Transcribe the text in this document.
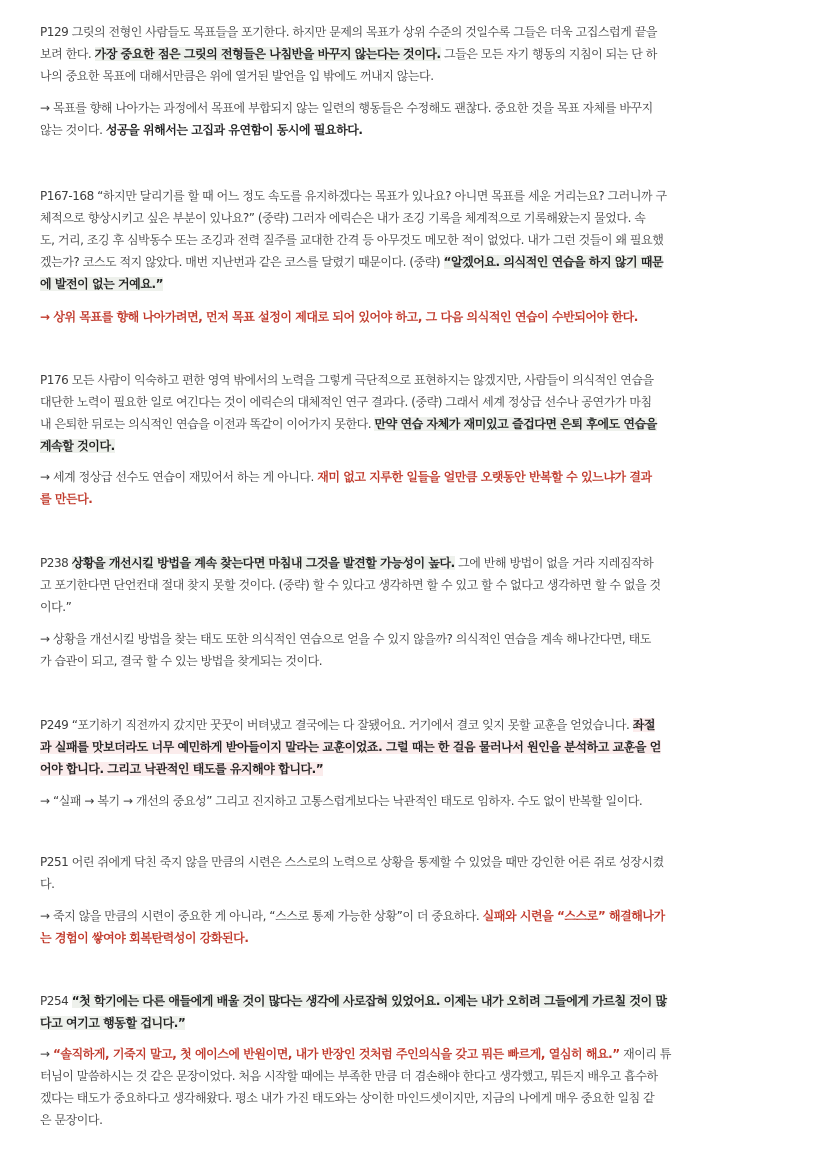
P129 그릿의 전형인 사람들도 목표들을 포기한다. 하지만 문제의 목표가 상위 수준의 것일수록 그들은 더욱 고집스럽게 끝을
보려 한다. 가장 중요한 점은 그릿의 전형들은 나침반을 바꾸지 않는다는 것이다. 그들은 모든 자기 행동의 지침이 되는 단 하
나의 중요한 목표에 대해서만큼은 위에 열거된 발언을 입 밖에도 꺼내지 않는다.
→ 목표를 향해 나아가는 과정에서 목표에 부합되지 않는 일련의 행동들은 수정해도 괜찮다. 중요한 것을 목표 자체를 바꾸지
않는 것이다. 성공을 위해서는 고집과 유연함이 동시에 필요하다.
P167-168 “하지만 달리기를 할 때 어느 정도 속도를 유지하겠다는 목표가 있나요? 아니면 목표를 세운 거리는요? 그러니까 구
체적으로 향상시키고 싶은 부분이 있나요?” (중략) 그러자 에릭슨은 내가 조깅 기록을 체계적으로 기록해왔는지 물었다. 속
도, 거리, 조깅 후 심박동수 또는 조깅과 전력 질주를 교대한 간격 등 아무것도 메모한 적이 없었다. 내가 그런 것들이 왜 필요했
겠는가? 코스도 적지 않았다. 매번 지난번과 같은 코스를 달렸기 때문이다. (중략) “알겠어요. 의식적인 연습을 하지 않기 때문
에 발전이 없는 거예요.”
→ 상위 목표를 향해 나아가려면, 먼저 목표 설정이 제대로 되어 있어야 하고, 그 다음 의식적인 연습이 수반되어야 한다.
P176 모든 사람이 익숙하고 편한 영역 밖에서의 노력을 그렇게 극단적으로 표현하지는 않겠지만, 사람들이 의식적인 연습을
대단한 노력이 필요한 일로 여긴다는 것이 에릭슨의 대체적인 연구 결과다. (중략) 그래서 세계 정상급 선수나 공연가가 마침
내 은퇴한 뒤로는 의식적인 연습을 이전과 똑같이 이어가지 못한다. 만약 연습 자체가 재미있고 즐겁다면 은퇴 후에도 연습을
계속할 것이다.
→ 세계 정상급 선수도 연습이 재밌어서 하는 게 아니다. 재미 없고 지루한 일들을 얼만큼 오랫동안 반복할 수 있느냐가 결과
를 만든다.
P238 상황을 개선시킬 방법을 계속 찾는다면 마침내 그것을 발견할 가능성이 높다. 그에 반해 방법이 없을 거라 지레짐작하
고 포기한다면 단언컨대 절대 찾지 못할 것이다. (중략) 할 수 있다고 생각하면 할 수 있고 할 수 없다고 생각하면 할 수 없을 것
이다.”
→ 상황을 개선시킬 방법을 찾는 태도 또한 의식적인 연습으로 얻을 수 있지 않을까? 의식적인 연습을 계속 해나간다면, 태도
가 습관이 되고, 결국 할 수 있는 방법을 찾게되는 것이다.
P249 “포기하기 직전까지 갔지만 꿋꿋이 버텨냈고 결국에는 다 잘됐어요. 거기에서 결코 잊지 못할 교훈을 얻었습니다. 좌절
과 실패를 맛보더라도 너무 예민하게 받아들이지 말라는 교훈이었죠. 그럴 때는 한 걸음 물러나서 원인을 분석하고 교훈을 얻
어야 합니다. 그리고 낙관적인 태도를 유지해야 합니다.”
→ “실패 → 복기 → 개선의 중요성” 그리고 진지하고 고통스럽게보다는 낙관적인 태도로 임하자. 수도 없이 반복할 일이다.
P251 어린 쥐에게 닥친 죽지 않을 만큼의 시련은 스스로의 노력으로 상황을 통제할 수 있었을 때만 강인한 어른 쥐로 성장시켰
다.
→ 죽지 않을 만큼의 시련이 중요한 게 아니라, “스스로 통제 가능한 상황”이 더 중요하다. 실패와 시련을 “스스로” 해결해나가
는 경험이 쌓여야 회복탄력성이 강화된다.
P254 “첫 학기에는 다른 애들에게 배울 것이 많다는 생각에 사로잡혀 있었어요. 이제는 내가 오히려 그들에게 가르칠 것이 많
다고 여기고 행동할 겁니다.”
→ “솔직하게, 기죽지 말고, 첫 에이스에 반원이면, 내가 반장인 것처럼 주인의식을 갖고 뭐든 빠르게, 열심히 해요.” 재이리 튜
터님이 말씀하시는 것 같은 문장이었다. 처음 시작할 때에는 부족한 만큼 더 겸손해야 한다고 생각했고, 뭐든지 배우고 흡수하
겠다는 태도가 중요하다고 생각해왔다. 평소 내가 가진 태도와는 상이한 마인드셋이지만, 지금의 나에게 매우 중요한 일침 같
은 문장이다.
